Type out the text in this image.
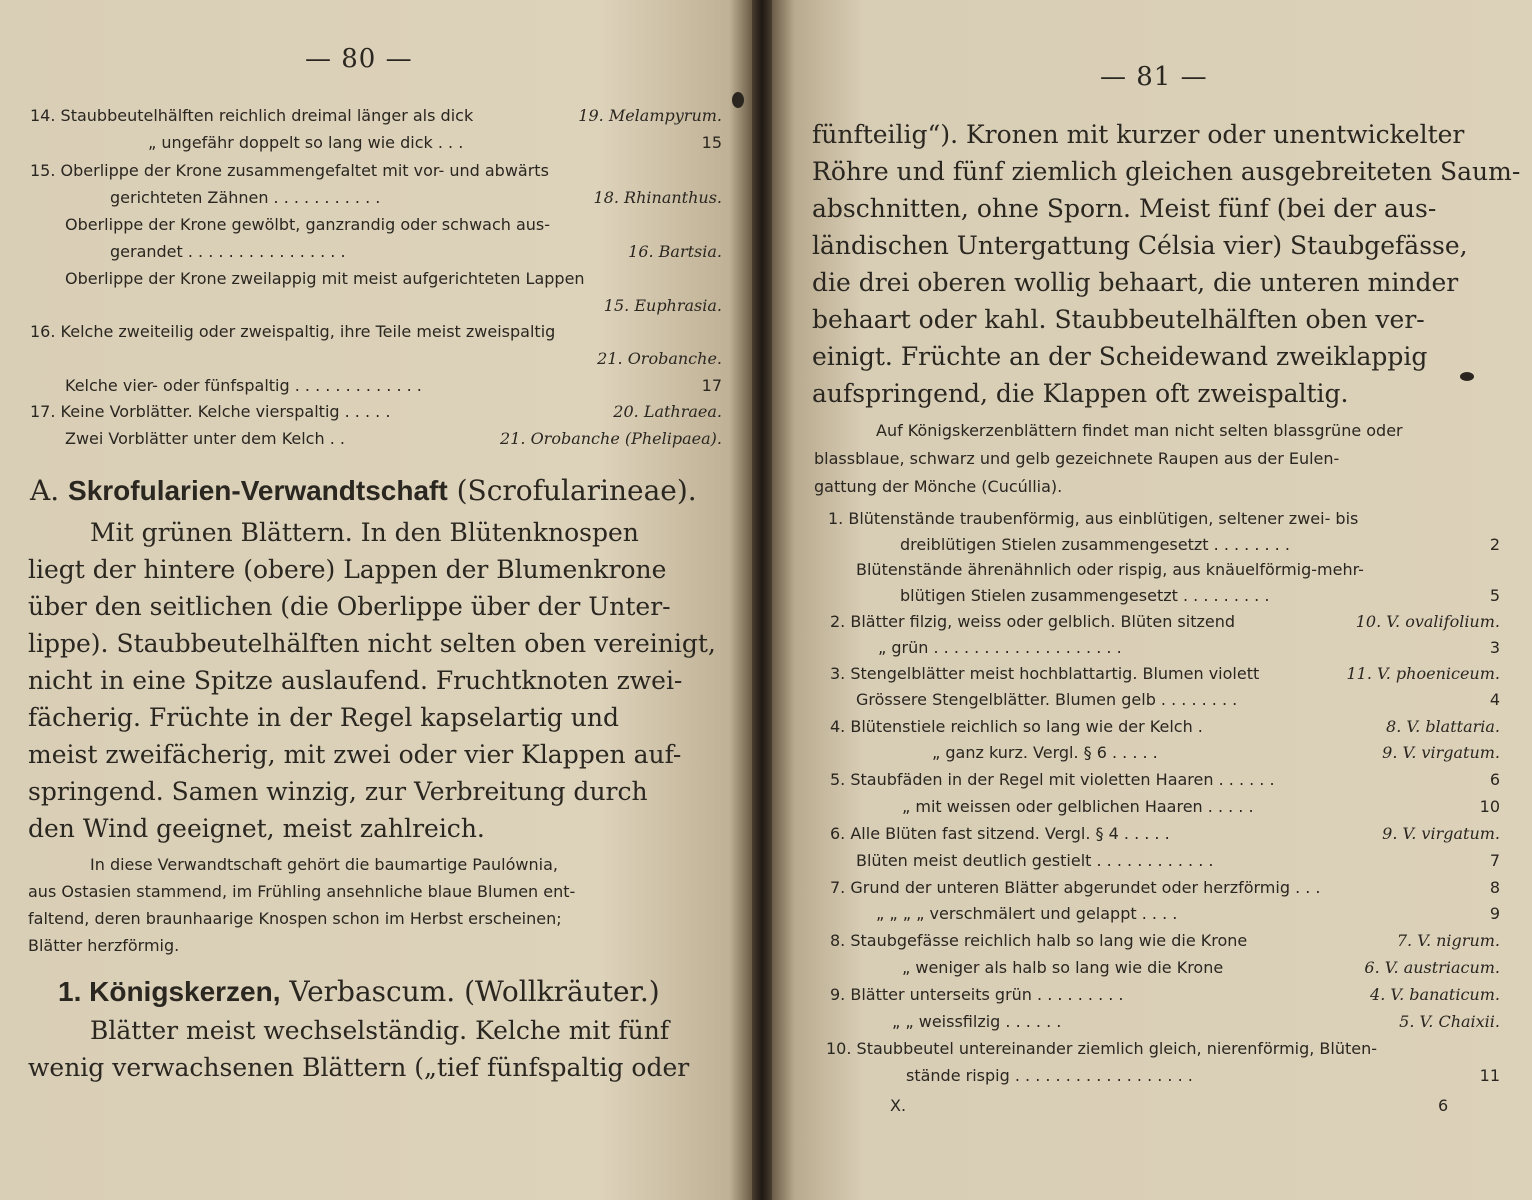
— 80 —
14. Staubbeutelhälften reichlich dreimal länger als dick	19. Melampyrum.
„ ungefähr doppelt so lang wie dick . . .	15
15. Oberlippe der Krone zusammengefaltet mit vor- und abwärts
gerichteten Zähnen . . . . . . . . . . .	18. Rhinanthus.
Oberlippe der Krone gewölbt, ganzrandig oder schwach aus-
gerandet . . . . . . . . . . . . . . . .	16. Bartsia.
Oberlippe der Krone zweilappig mit meist aufgerichteten Lappen
15. Euphrasia.
16. Kelche zweiteilig oder zweispaltig, ihre Teile meist zweispaltig
21. Orobanche.
Kelche vier- oder fünfspaltig . . . . . . . . . . . . .	17
17. Keine Vorblätter. Kelche vierspaltig . . . . .	20. Lathraea.
Zwei Vorblätter unter dem Kelch . .	21. Orobanche (Phelipaea).
A. Skrofularien-Verwandtschaft (Scrofularineae).
Mit grünen Blättern. In den Blütenknospen
liegt der hintere (obere) Lappen der Blumenkrone
über den seitlichen (die Oberlippe über der Unter-
lippe). Staubbeutelhälften nicht selten oben vereinigt,
nicht in eine Spitze auslaufend. Fruchtknoten zwei-
fächerig. Früchte in der Regel kapselartig und
meist zweifächerig, mit zwei oder vier Klappen auf-
springend. Samen winzig, zur Verbreitung durch
den Wind geeignet, meist zahlreich.
In diese Verwandtschaft gehört die baumartige Paulównia,
aus Ostasien stammend, im Frühling ansehnliche blaue Blumen ent-
faltend, deren braunhaarige Knospen schon im Herbst erscheinen;
Blätter herzförmig.
1. Königskerzen, Verbascum. (Wollkräuter.)
Blätter meist wechselständig. Kelche mit fünf
wenig verwachsenen Blättern („tief fünfspaltig oder
— 81 —
fünfteilig“). Kronen mit kurzer oder unentwickelter
Röhre und fünf ziemlich gleichen ausgebreiteten Saum-
abschnitten, ohne Sporn. Meist fünf (bei der aus-
ländischen Untergattung Célsia vier) Staubgefässe,
die drei oberen wollig behaart, die unteren minder
behaart oder kahl. Staubbeutelhälften oben ver-
einigt. Früchte an der Scheidewand zweiklappig
aufspringend, die Klappen oft zweispaltig.
Auf Königskerzenblättern findet man nicht selten blassgrüne oder
blassblaue, schwarz und gelb gezeichnete Raupen aus der Eulen-
gattung der Mönche (Cucúllia).
1. Blütenstände traubenförmig, aus einblütigen, seltener zwei- bis
dreiblütigen Stielen zusammengesetzt . . . . . . . .	2
Blütenstände ährenähnlich oder rispig, aus knäuelförmig-mehr-
blütigen Stielen zusammengesetzt . . . . . . . . .	5
2. Blätter filzig, weiss oder gelblich. Blüten sitzend	10. V. ovalifolium.
„ grün . . . . . . . . . . . . . . . . . . .	3
3. Stengelblätter meist hochblattartig. Blumen violett	11. V. phoeniceum.
Grössere Stengelblätter. Blumen gelb . . . . . . . .	4
4. Blütenstiele reichlich so lang wie der Kelch .	8. V. blattaria.
„ ganz kurz. Vergl. § 6 . . . . .	9. V. virgatum.
5. Staubfäden in der Regel mit violetten Haaren . . . . . .	6
„ mit weissen oder gelblichen Haaren . . . . .	10
6. Alle Blüten fast sitzend. Vergl. § 4 . . . . .	9. V. virgatum.
Blüten meist deutlich gestielt . . . . . . . . . . . .	7
7. Grund der unteren Blätter abgerundet oder herzförmig . . .	8
„ „ „ „ verschmälert und gelappt . . . .	9
8. Staubgefässe reichlich halb so lang wie die Krone	7. V. nigrum.
„ weniger als halb so lang wie die Krone	6. V. austriacum.
9. Blätter unterseits grün . . . . . . . . .	4. V. banaticum.
„ „ weissfilzig . . . . . .	5. V. Chaixii.
10. Staubbeutel untereinander ziemlich gleich, nierenförmig, Blüten-
stände rispig . . . . . . . . . . . . . . . . . .	11
X.	6
